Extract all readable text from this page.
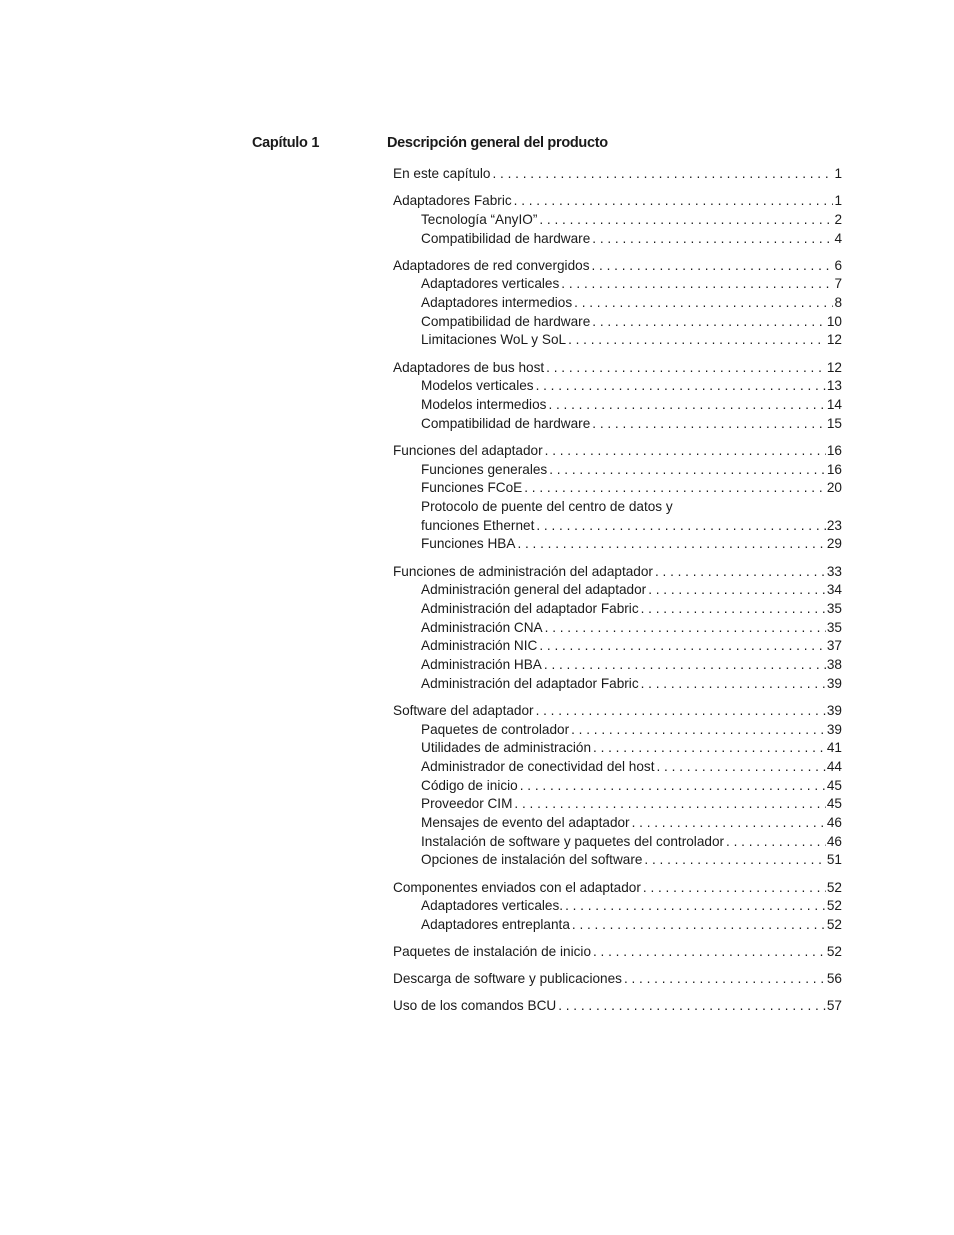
Capítulo 1	Descripción general del producto
En este capítulo . . .	1
Adaptadores Fabric . . .	1
Tecnología “AnyIO” . . .	2
Compatibilidad de hardware . . .	4
Adaptadores de red convergidos . . .	6
Adaptadores verticales . . .	7
Adaptadores intermedios . . .	8
Compatibilidad de hardware . . .	10
Limitaciones WoL y SoL . . .	12
Adaptadores de bus host . . .	12
Modelos verticales . . .	13
Modelos intermedios . . .	14
Compatibilidad de hardware . . .	15
Funciones del adaptador . . .	16
Funciones generales . . .	16
Funciones FCoE . . .	20
Protocolo de puente del centro de datos y
funciones Ethernet . . .	23
Funciones HBA . . .	29
Funciones de administración del adaptador . . .	33
Administración general del adaptador . . .	34
Administración del adaptador Fabric . . .	35
Administración CNA . . .	35
Administración NIC . . .	37
Administración HBA . . .	38
Administración del adaptador Fabric . . .	39
Software del adaptador . . .	39
Paquetes de controlador . . .	39
Utilidades de administración . . .	41
Administrador de conectividad del host . . .	44
Código de inicio . . .	45
Proveedor CIM . . .	45
Mensajes de evento del adaptador . . .	46
Instalación de software y paquetes del controlador . . .	46
Opciones de instalación del software . . .	51
Componentes enviados con el adaptador . . .	52
Adaptadores verticales. . . .	52
Adaptadores entreplanta . . .	52
Paquetes de instalación de inicio . . .	52
Descarga de software y publicaciones . . .	56
Uso de los comandos BCU . . .	57
